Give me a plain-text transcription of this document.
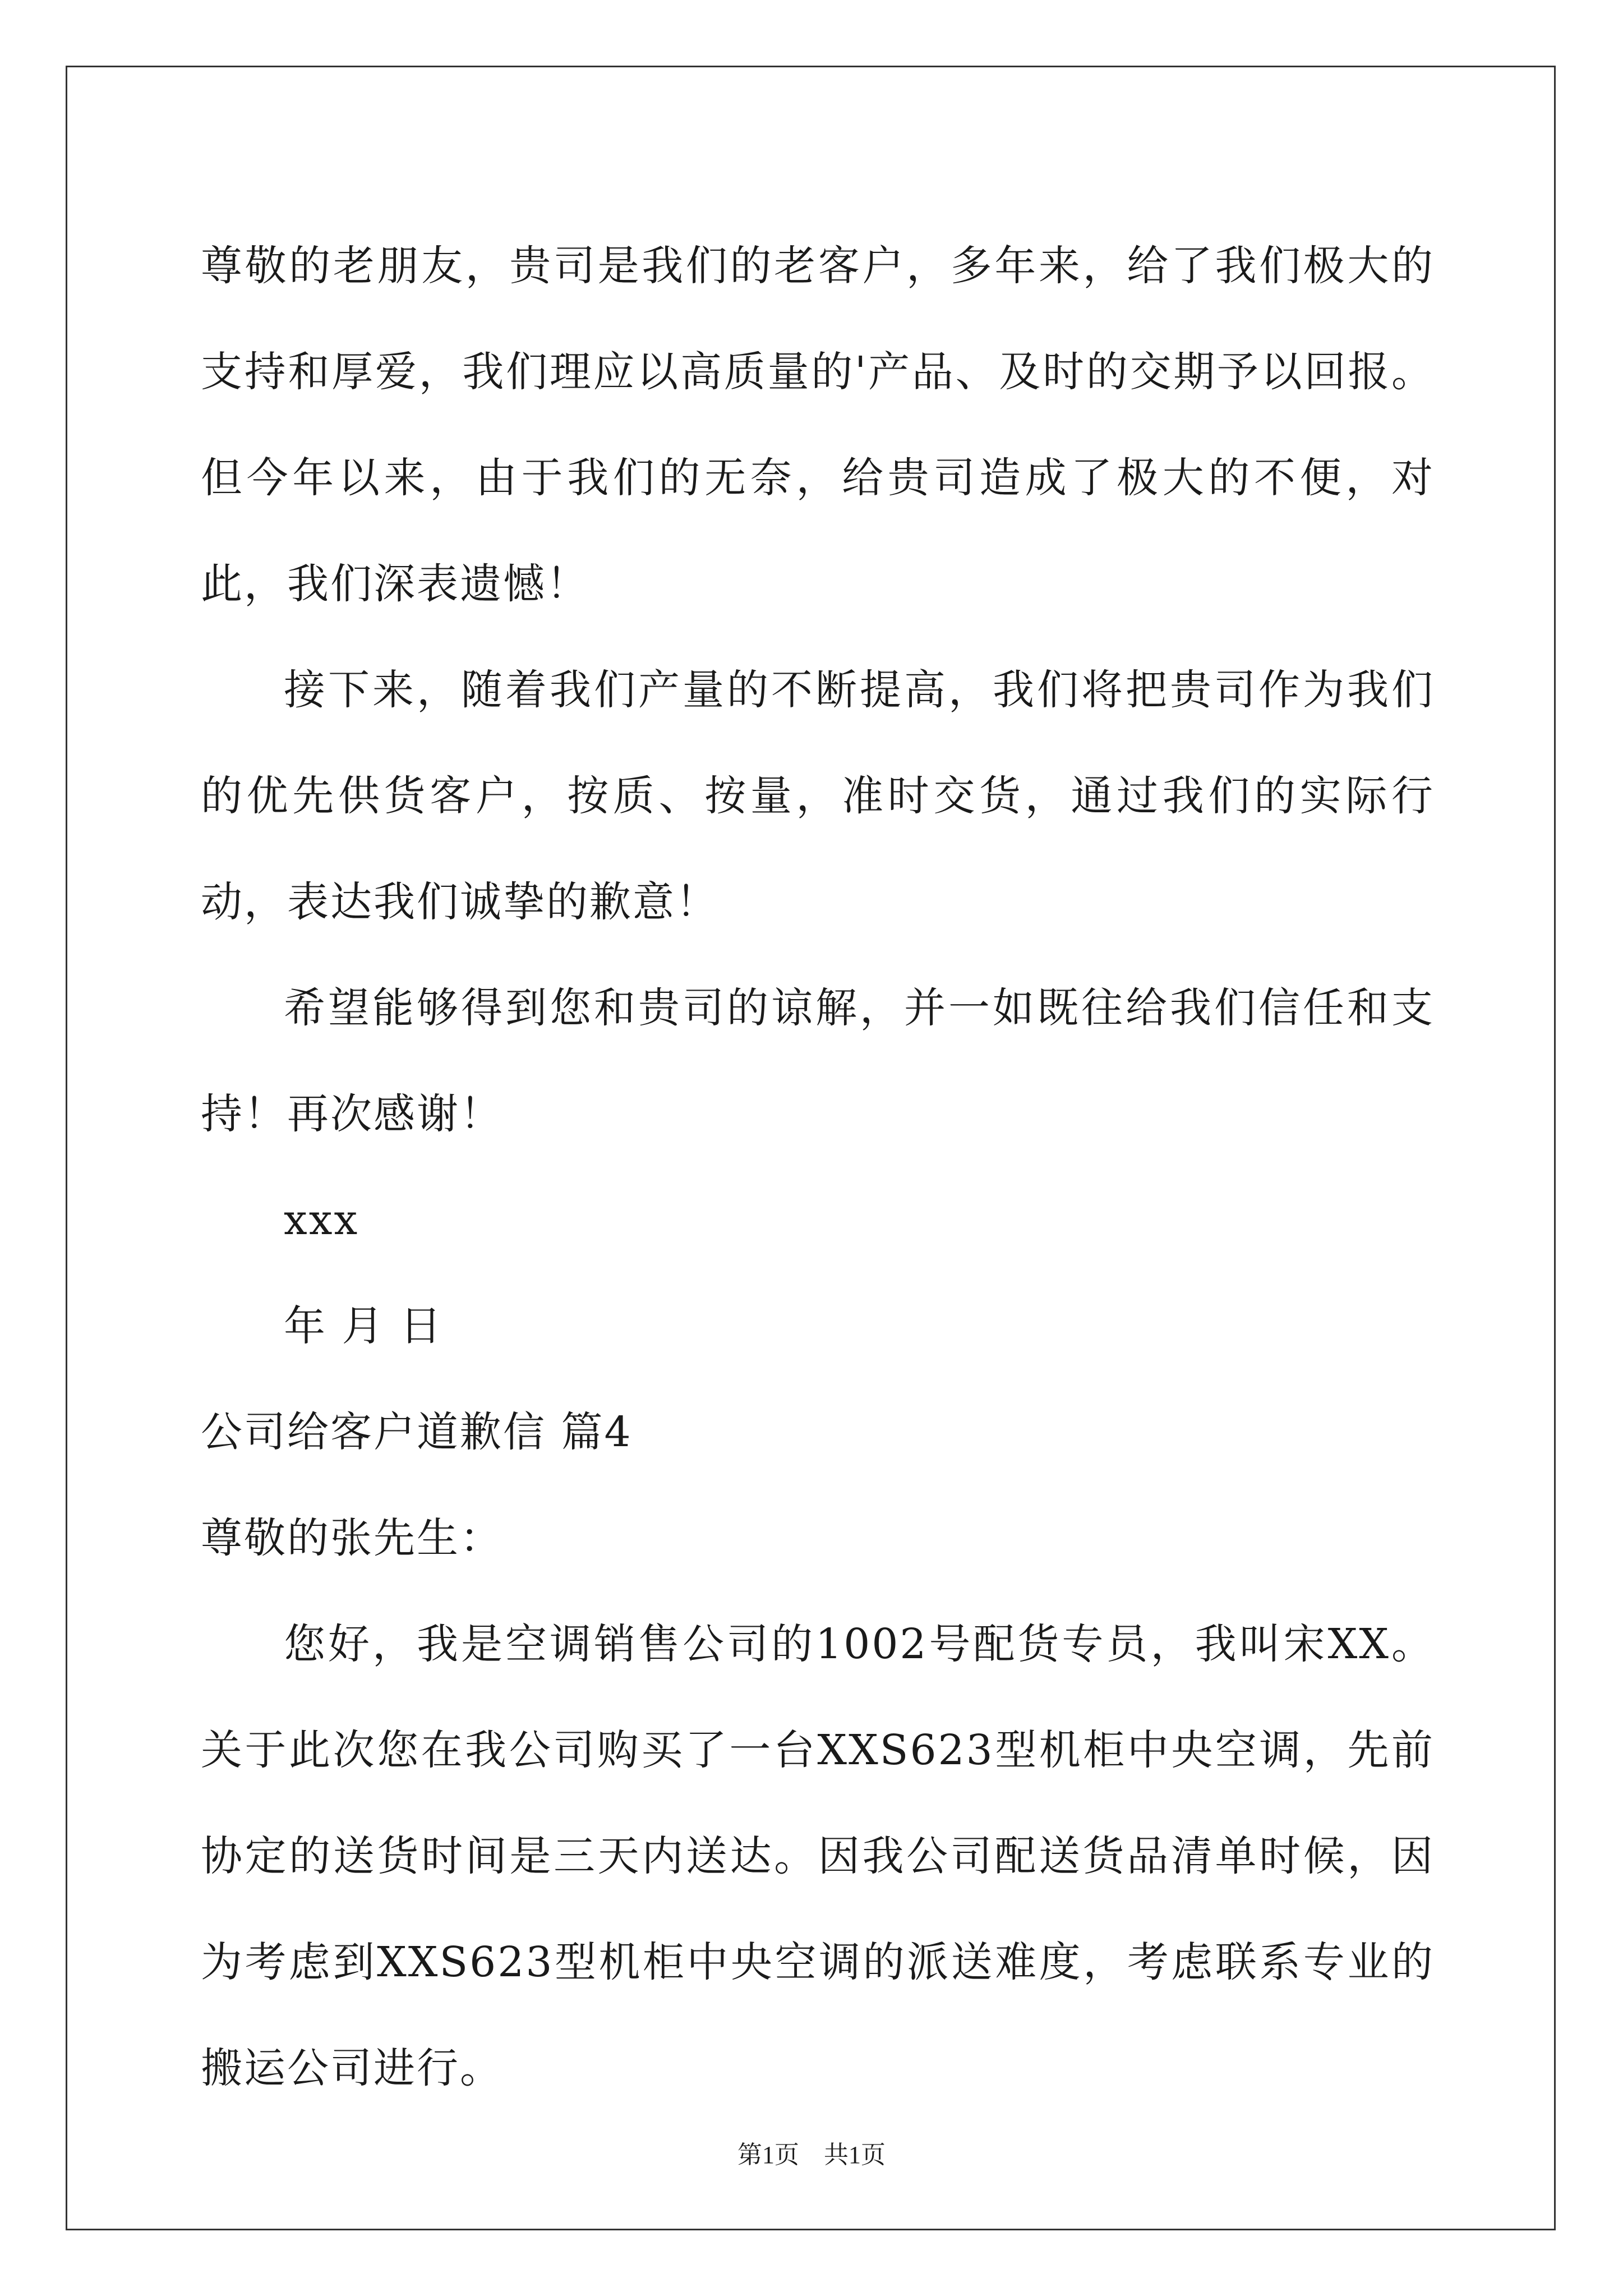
尊敬的老朋友，贵司是我们的老客户，多年来，给了我们极大的支持和厚爱，我们理应以高质量的'产品、及时的交期予以回报。但今年以来，由于我们的无奈，给贵司造成了极大的不便，对此，我们深表遗憾！

接下来，随着我们产量的不断提高，我们将把贵司作为我们的优先供货客户，按质、按量，准时交货，通过我们的实际行动，表达我们诚挚的歉意！

希望能够得到您和贵司的谅解，并一如既往给我们信任和支持！再次感谢！

xxx

年 月 日

公司给客户道歉信 篇4

尊敬的张先生：

您好，我是空调销售公司的1002号配货专员，我叫宋XX。 关于此次您在我公司购买了一台XXS623型机柜中央空调，先前协定的送货时间是三天内送达。因我公司配送货品清单时候，因为考虑到XXS623型机柜中央空调的派送难度，考虑联系专业的搬运公司进行。

第1页 共1页
